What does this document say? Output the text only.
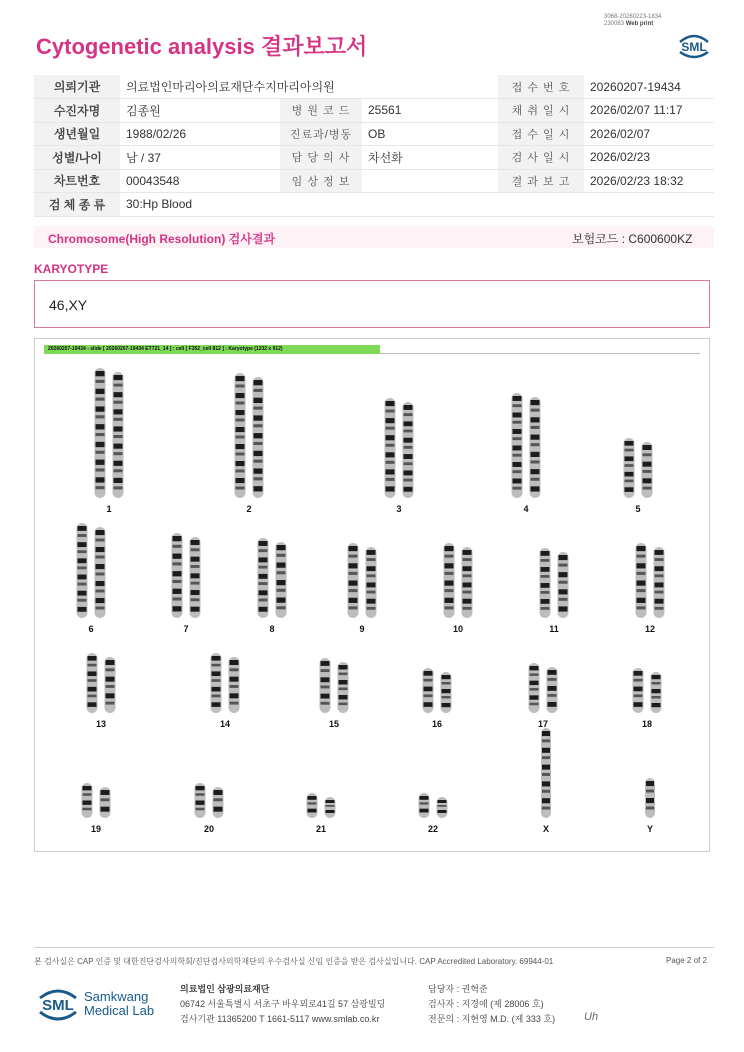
Cytogenetic analysis 결과보고서
3068-20260223-1834
230083 Web print
SML
의뢰기관	의료법인마리아의료재단수지마리아의원			접 수 번 호	20260207-19434
수진자명	김종원	병 원 코 드	25561	채 취 일 시	2026/02/07 11:17
생년월일	1988/02/26	진료과/병동	OB	접 수 일 시	2026/02/07
성별/나이	남 / 37	담 당 의 사	차선화	검 사 일 시	2026/02/23
차트번호	00043548	임 상 정 보		결 과 보 고	2026/02/23 18:32
검 체 종 류	30:Hp Blood				
Chromosome(High Resolution) 검사결과	보험코드 : C600600KZ
KARYOTYPE
46,XY
20260207-19434 - slide [ 20260207-19434 ET721_14 ] : cell [ F352_cell 812 ] : Karyotype (1232 x 912)
1	2	3	4	5
6	7	8	9	10	11	12
13	14	15	16	17	18
19	20	21	22	X	Y
본 검사실은 CAP 인증 및 대한진단검사의학회/진단검사의학재단의 우수검사실 신임 인증을 받은 검사실입니다. CAP Accredited Laboratory. 69944-01	Page 2 of 2
SML
Samkwang
Medical Lab
의료법인 삼광의료재단
06742 서울특별시 서초구 바우뫼로41길 57 삼광빌딩
검사기관 11365200 T 1661-5117 www.smlab.co.kr
담당자 : 권혁준
검사자 : 지경애 (제 28006 호)
전문의 : 지현영 M.D. (제 333 호)	Uh
